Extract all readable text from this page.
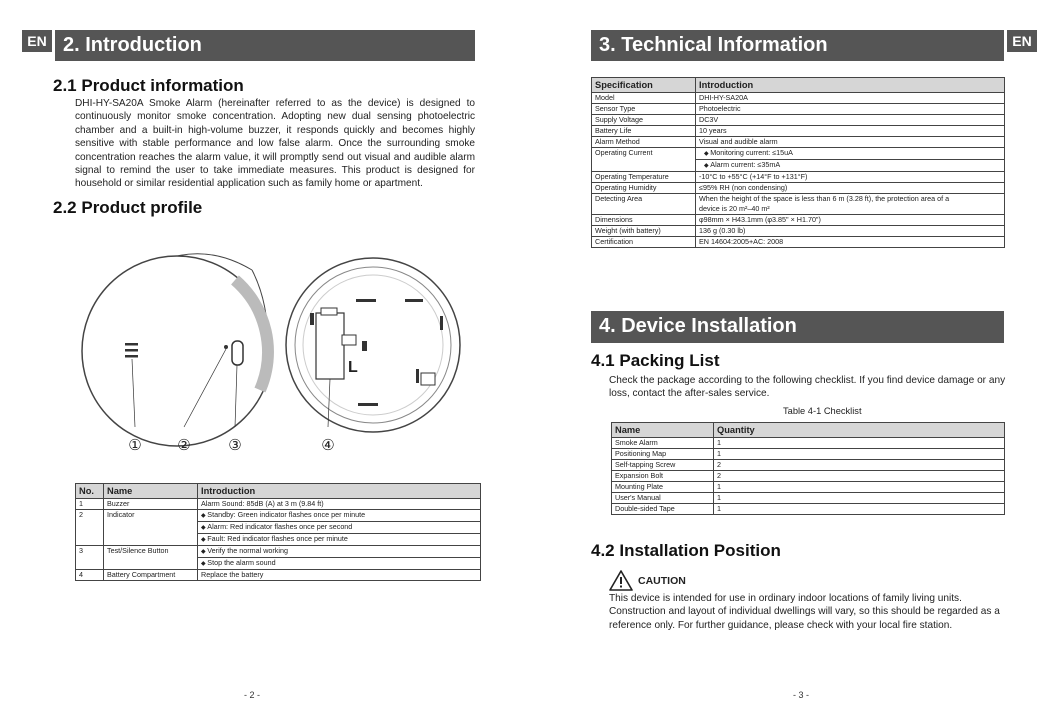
EN 2. Introduction
2.1 Product information
DHI-HY-SA20A Smoke Alarm (hereinafter referred to as the device) is designed to continuously monitor smoke concentration. Adopting new dual sensing photoelectric chamber and a built-in high-volume buzzer, it responds quickly and becomes highly sensitive with stable performance and low false alarm. Once the surrounding smoke concentration reaches the alarm value, it will promptly send out visual and audible alarm signal to remind the user to take immediate measures. This product is designed for household or similar residential application such as family home or apartment.
2.2 Product profile
L
① ②	③	④
No.	Name	Introduction
1	Buzzer	Alarm Sound: 85dB (A) at 3 m (9.84 ft)
2	Indicator	◆ Standby: Green indicator flashes once per minute
		◆ Alarm: Red indicator flashes once per second
		◆ Fault: Red indicator flashes once per minute
3	Test/Silence Button	◆ Verify the normal working
		◆ Stop the alarm sound
4	Battery Compartment	Replace the battery
- 2 -
3. Technical Information	EN
Specification	Introduction
Model	DHI-HY-SA20A
Sensor Type	Photoelectric
Supply Voltage	DC3V
Battery Life	10 years
Alarm Method	Visual and audible alarm
Operating Current	◆ Monitoring current: ≤15uA
	◆ Alarm current: ≤35mA
Operating Temperature	-10°C to +55°C (+14°F to +131°F)
Operating Humidity	≤95% RH (non condensing)
Detecting Area	When the height of the space is less than 6 m (3.28 ft), the protection area of a
	device is 20 m²–40 m²
Dimensions	φ98mm × H43.1mm (φ3.85" × H1.70")
Weight (with battery)	136 g (0.30 lb)
Certification	EN 14604:2005+AC: 2008
4. Device Installation
4.1 Packing List
Check the package according to the following checklist. If you find device damage or any loss, contact the after-sales service.
Table 4-1 Checklist
Name	Quantity
Smoke Alarm	1
Positioning Map	1
Self-tapping Screw	2
Expansion Bolt	2
Mounting Plate	1
User's Manual	1
Double-sided Tape	1
4.2 Installation Position
CAUTION
This device is intended for use in ordinary indoor locations of family living units. Construction and layout of individual dwellings will vary, so this should be regarded as a reference only. For further guidance, please check with your local fire station.
- 3 -
